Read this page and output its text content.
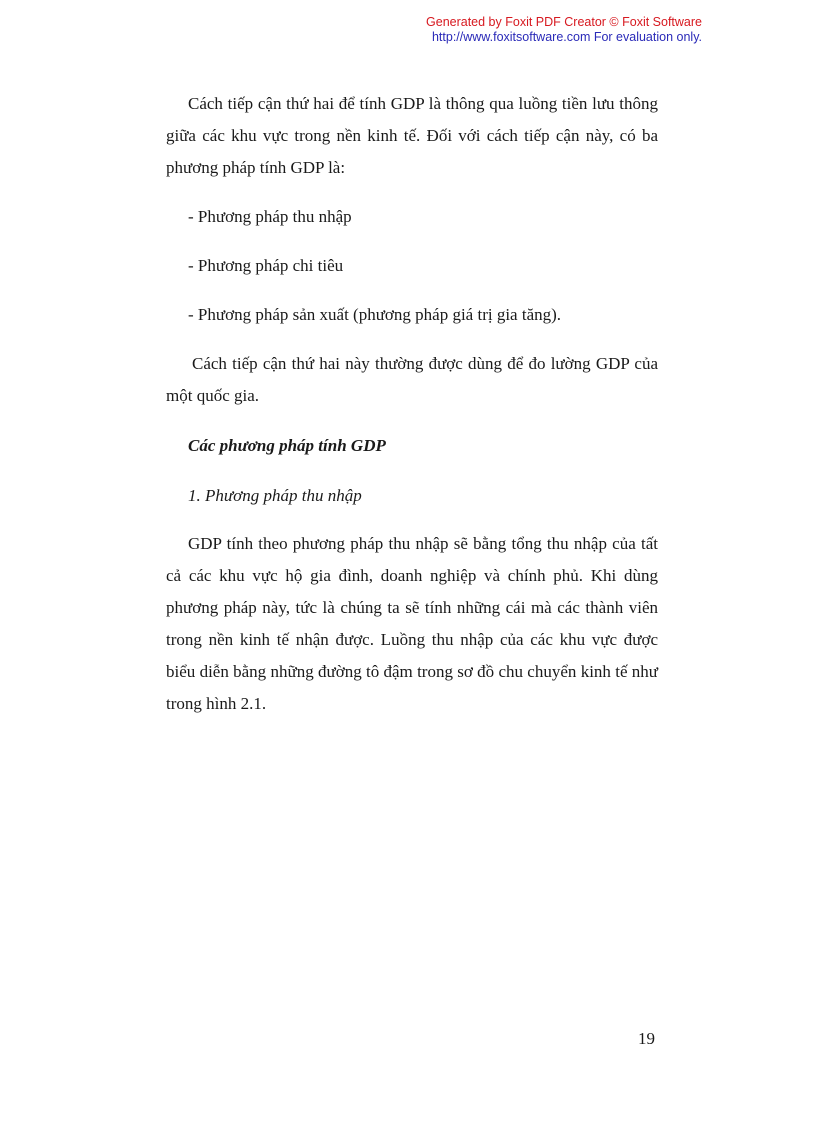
Generated by Foxit PDF Creator © Foxit Software
http://www.foxitsoftware.com For evaluation only.

Cách tiếp cận thứ hai để tính GDP là thông qua luồng tiền lưu thông giữa các khu vực trong nền kinh tế. Đối với cách tiếp cận này, có ba phương pháp tính GDP là:

- Phương pháp thu nhập

- Phương pháp chi tiêu

- Phương pháp sản xuất (phương pháp giá trị gia tăng).

Cách tiếp cận thứ hai này thường được dùng để đo lường GDP của một quốc gia.

Các phương pháp tính GDP

1. Phương pháp thu nhập

GDP tính theo phương pháp thu nhập sẽ bằng tổng thu nhập của tất cả các khu vực hộ gia đình, doanh nghiệp và chính phủ. Khi dùng phương pháp này, tức là chúng ta sẽ tính những cái mà các thành viên trong nền kinh tế nhận được. Luồng thu nhập của các khu vực được biểu diễn bằng những đường tô đậm trong sơ đồ chu chuyển kinh tế như trong hình 2.1.

19
